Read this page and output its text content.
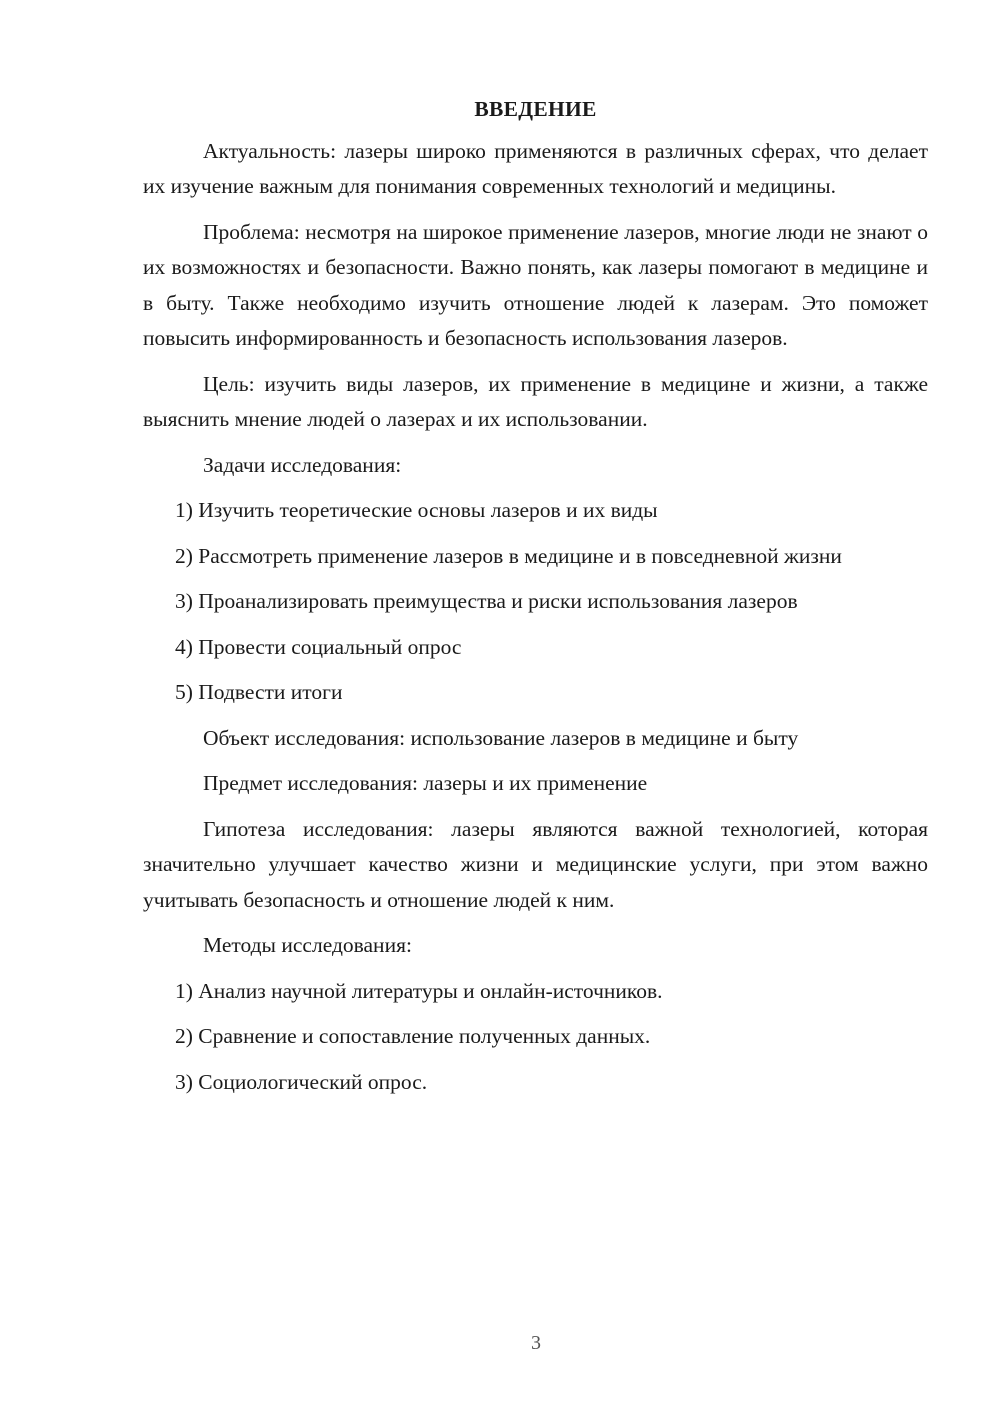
ВВЕДЕНИЕ

Актуальность: лазеры широко применяются в различных сферах, что делает их изучение важным для понимания современных технологий и медицины.

Проблема: несмотря на широкое применение лазеров, многие люди не знают о их возможностях и безопасности. Важно понять, как лазеры помогают в медицине и в быту. Также необходимо изучить отношение людей к лазерам. Это поможет повысить информированность и безопасность использования лазеров.

Цель: изучить виды лазеров, их применение в медицине и жизни, а также выяснить мнение людей о лазерах и их использовании.

Задачи исследования:

1) Изучить теоретические основы лазеров и их виды

2) Рассмотреть применение лазеров в медицине и в повседневной жизни

3) Проанализировать преимущества и риски использования лазеров

4) Провести социальный опрос

5) Подвести итоги

Объект исследования: использование лазеров в медицине и быту

Предмет исследования: лазеры и их применение

Гипотеза исследования: лазеры являются важной технологией, которая значительно улучшает качество жизни и медицинские услуги, при этом важно учитывать безопасность и отношение людей к ним.

Методы исследования:

1) Анализ научной литературы и онлайн-источников.

2) Сравнение и сопоставление полученных данных.

3) Социологический опрос.

3
